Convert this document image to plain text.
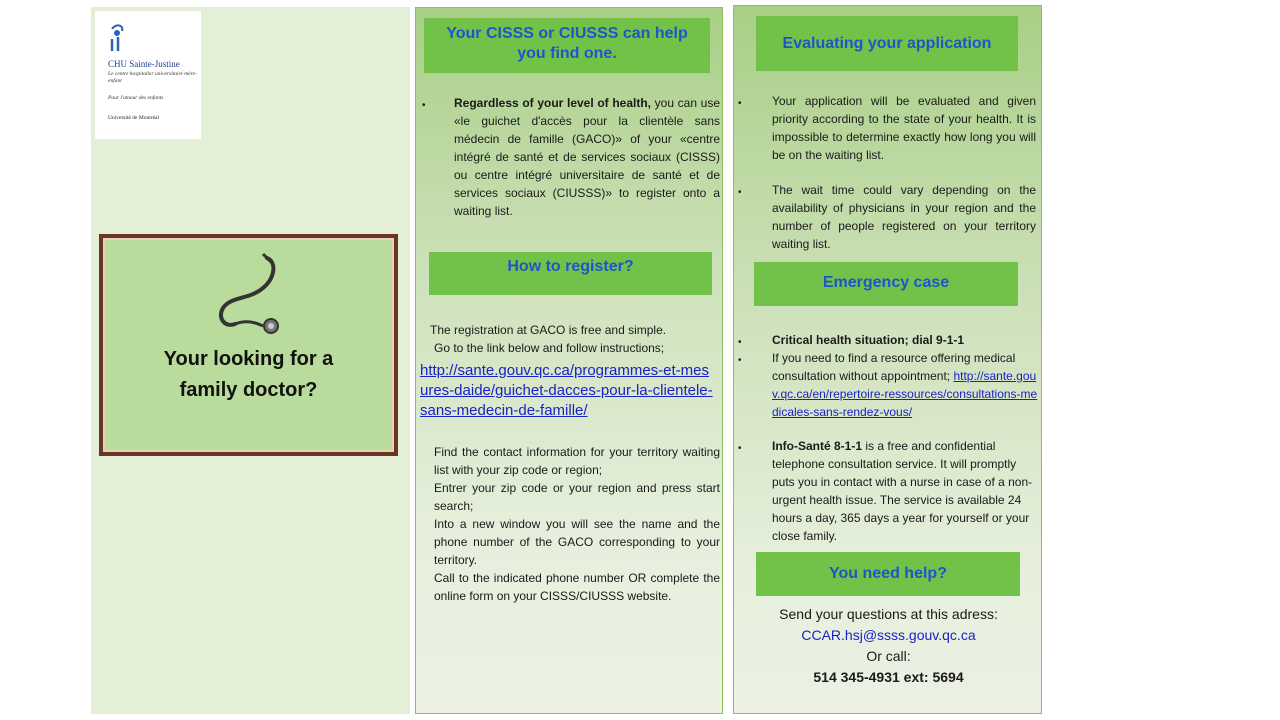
CHU Sainte-Justine
Le centre hospitalier universitaire mère-enfant
Pour l'amour des enfants
Université de Montréal
Your looking for a
family doctor?
Your CISSS or CIUSSS can help
you find one.
• Regardless of your level of health, you can use «le guichet d'accès pour la clientèle sans médecin de famille (GACO)» of your «centre intégré de santé et de services sociaux (CISSS) ou centre intégré universitaire de santé et de services sociaux (CIUSSS)» to register onto a waiting list.
How to register?
The registration at GACO is free and simple.
Go to the link below and follow instructions;
http://sante.gouv.qc.ca/programmes-et-mesures-daide/guichet-dacces-pour-la-clientele-sans-medecin-de-famille/
Find the contact information for your territory waiting list with your zip code or region;
Entrer your zip code or your region and press start search;
Into a new window you will see the name and the phone number of the GACO corresponding to your territory.
Call to the indicated phone number OR complete the online form on your CISSS/CIUSSS website.
Evaluating your application
•	Your application will be evaluated and given priority according to the state of your health. It is impossible to determine exactly how long you will be on the waiting list.
•	The wait time could vary depending on the availability of physicians in your region and the number of people registered on your territory waiting list.
Emergency case
•	Critical health situation; dial 9-1-1
•	If you need to find a resource offering medical consultation without appointment; http://sante.gouv.qc.ca/en/repertoire-ressources/consultations-medicales-sans-rendez-vous/
•	Info-Santé 8-1-1 is a free and confidential telephone consultation service. It will promptly puts you in contact with a nurse in case of a non-urgent health issue. The service is available 24 hours a day, 365 days a year for yourself or your close family.
You need help?
Send your questions at this adress:
CCAR.hsj@ssss.gouv.qc.ca
Or call:
514 345-4931 ext: 5694
